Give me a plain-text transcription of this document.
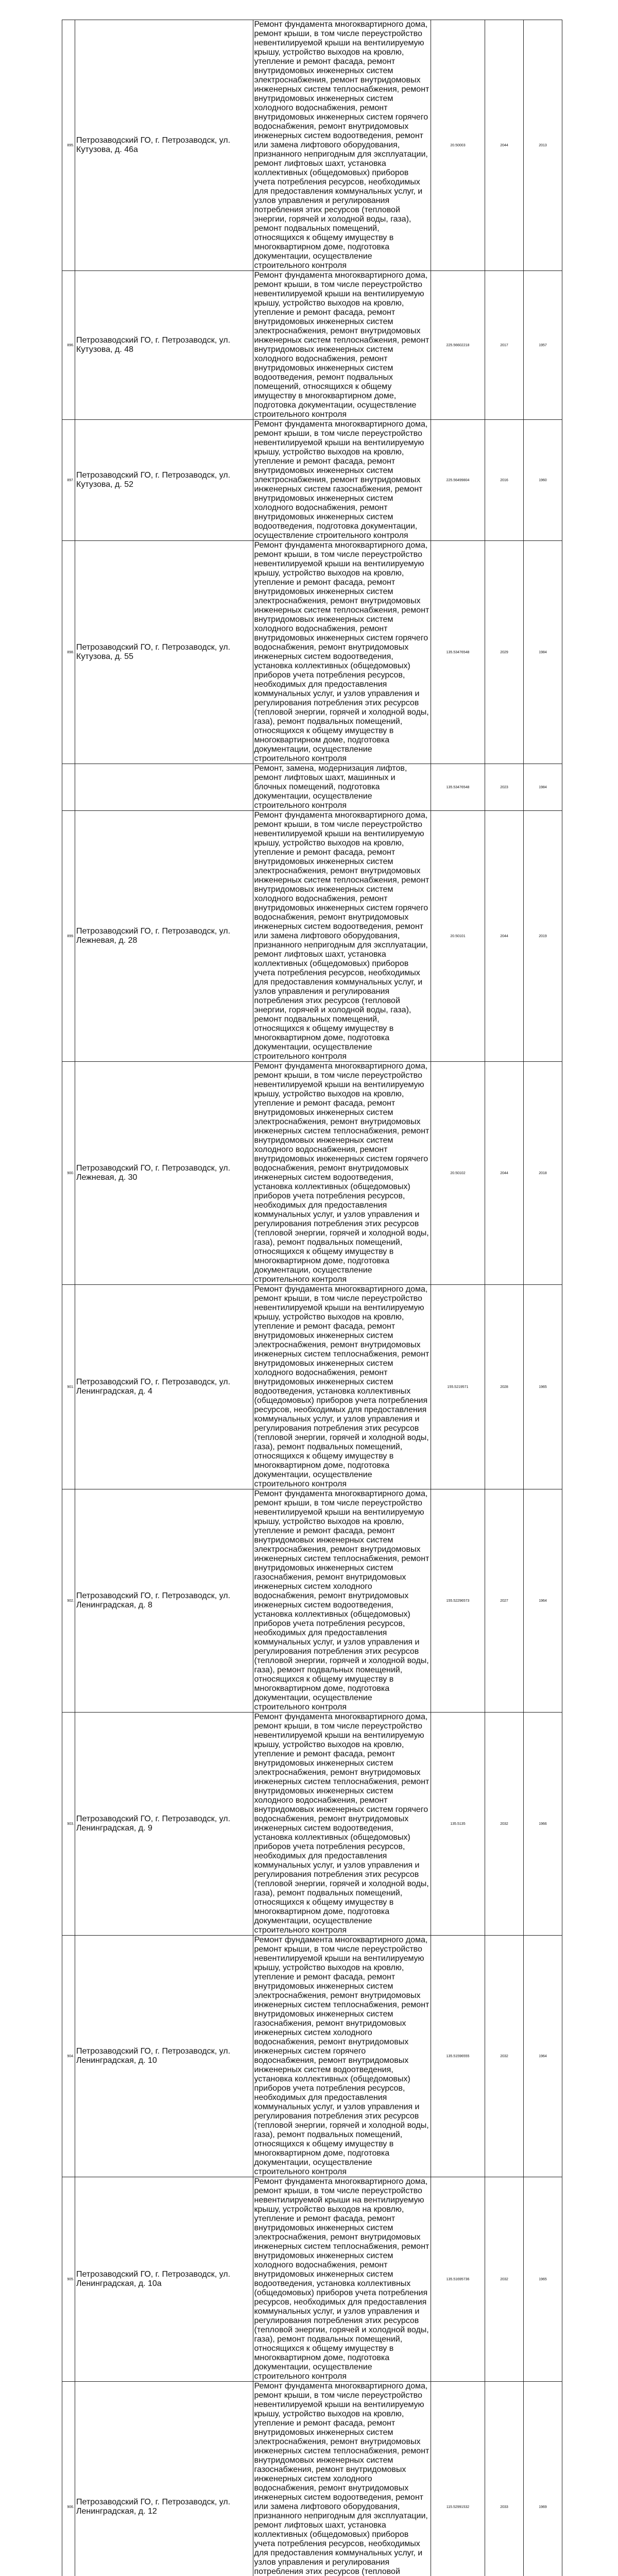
895.	Петрозаводский ГО, г. Петрозаводск, ул. Кутузова, д. 46а	Ремонт фундамента многоквартирного дома, ремонт крыши, в том числе переустройство невентилируемой крыши на вентилируемую крышу, устройство выходов на кровлю, утепление и ремонт фасада, ремонт внутридомовых инженерных систем электроснабжения, ремонт внутридомовых инженерных систем теплоснабжения, ремонт внутридомовых инженерных систем холодного водоснабжения, ремонт внутридомовых инженерных систем горячего водоснабжения, ремонт внутридомовых инженерных систем водоотведения, ремонт или замена лифтового оборудования, признанного непригодным для эксплуатации, ремонт лифтовых шахт, установка коллективных (общедомовых) приборов учета потребления ресурсов, необходимых для предоставления коммунальных услуг, и узлов управления и регулирования потребления этих ресурсов (тепловой энергии, горячей и холодной воды, газа), ремонт подвальных помещений, относящихся к общему имуществу в многоквартирном доме, подготовка документации, осуществление строительного контроля	20.50003	2044	2013
896.	Петрозаводский ГО, г. Петрозаводск, ул. Кутузова, д. 48	Ремонт фундамента многоквартирного дома, ремонт крыши, в том числе переустройство невентилируемой крыши на вентилируемую крышу, устройство выходов на кровлю, утепление и ремонт фасада, ремонт внутридомовых инженерных систем электроснабжения, ремонт внутридомовых инженерных систем теплоснабжения, ремонт внутридомовых инженерных систем холодного водоснабжения, ремонт внутридомовых инженерных систем водоотведения, ремонт подвальных помещений, относящихся к общему имуществу в многоквартирном доме, подготовка документации, осуществление строительного контроля	225.56602218	2017	1957
897.	Петрозаводский ГО, г. Петрозаводск, ул. Кутузова, д. 52	Ремонт фундамента многоквартирного дома, ремонт крыши, в том числе переустройство невентилируемой крыши на вентилируемую крышу, устройство выходов на кровлю, утепление и ремонт фасада, ремонт внутридомовых инженерных систем электроснабжения, ремонт внутридомовых инженерных систем газоснабжения, ремонт внутридомовых инженерных систем холодного водоснабжения, ремонт внутридомовых инженерных систем водоотведения, подготовка документации, осуществление строительного контроля	225.56499804	2016	1960
898.	Петрозаводский ГО, г. Петрозаводск, ул. Кутузова, д. 55	Ремонт фундамента многоквартирного дома, ремонт крыши, в том числе переустройство невентилируемой крыши на вентилируемую крышу, устройство выходов на кровлю, утепление и ремонт фасада, ремонт внутридомовых инженерных систем электроснабжения, ремонт внутридомовых инженерных систем теплоснабжения, ремонт внутридомовых инженерных систем холодного водоснабжения, ремонт внутридомовых инженерных систем горячего водоснабжения, ремонт внутридомовых инженерных систем водоотведения, установка коллективных (общедомовых) приборов учета потребления ресурсов, необходимых для предоставления коммунальных услуг, и узлов управления и регулирования потребления этих ресурсов (тепловой энергии, горячей и холодной воды, газа), ремонт подвальных помещений, относящихся к общему имуществу в многоквартирном доме, подготовка документации, осуществление строительного контроля	135.53476548	2029	1984
		Ремонт, замена, модернизация лифтов, ремонт лифтовых шахт, машинных и блочных помещений, подготовка документации, осуществление строительного контроля	135.53476548	2023	1984
899.	Петрозаводский ГО, г. Петрозаводск, ул. Лежневая, д. 28	Ремонт фундамента многоквартирного дома, ремонт крыши, в том числе переустройство невентилируемой крыши на вентилируемую крышу, устройство выходов на кровлю, утепление и ремонт фасада, ремонт внутридомовых инженерных систем электроснабжения, ремонт внутридомовых инженерных систем теплоснабжения, ремонт внутридомовых инженерных систем холодного водоснабжения, ремонт внутридомовых инженерных систем горячего водоснабжения, ремонт внутридомовых инженерных систем водоотведения, ремонт или замена лифтового оборудования, признанного непригодным для эксплуатации, ремонт лифтовых шахт, установка коллективных (общедомовых) приборов учета потребления ресурсов, необходимых для предоставления коммунальных услуг, и узлов управления и регулирования потребления этих ресурсов (тепловой энергии, горячей и холодной воды, газа), ремонт подвальных помещений, относящихся к общему имуществу в многоквартирном доме, подготовка документации, осуществление строительного контроля	20.50101	2044	2019
900.	Петрозаводский ГО, г. Петрозаводск, ул. Лежневая, д. 30	Ремонт фундамента многоквартирного дома, ремонт крыши, в том числе переустройство невентилируемой крыши на вентилируемую крышу, устройство выходов на кровлю, утепление и ремонт фасада, ремонт внутридомовых инженерных систем электроснабжения, ремонт внутридомовых инженерных систем теплоснабжения, ремонт внутридомовых инженерных систем холодного водоснабжения, ремонт внутридомовых инженерных систем горячего водоснабжения, ремонт внутридомовых инженерных систем водоотведения, установка коллективных (общедомовых) приборов учета потребления ресурсов, необходимых для предоставления коммунальных услуг, и узлов управления и регулирования потребления этих ресурсов (тепловой энергии, горячей и холодной воды, газа), ремонт подвальных помещений, относящихся к общему имуществу в многоквартирном доме, подготовка документации, осуществление строительного контроля	20.50102	2044	2018
901.	Петрозаводский ГО, г. Петрозаводск, ул. Ленинградская, д. 4	Ремонт фундамента многоквартирного дома, ремонт крыши, в том числе переустройство невентилируемой крыши на вентилируемую крышу, устройство выходов на кровлю, утепление и ремонт фасада, ремонт внутридомовых инженерных систем электроснабжения, ремонт внутридомовых инженерных систем теплоснабжения, ремонт внутридомовых инженерных систем холодного водоснабжения, ремонт внутридомовых инженерных систем водоотведения, установка коллективных (общедомовых) приборов учета потребления ресурсов, необходимых для предоставления коммунальных услуг, и узлов управления и регулирования потребления этих ресурсов (тепловой энергии, горячей и холодной воды, газа), ремонт подвальных помещений, относящихся к общему имуществу в многоквартирном доме, подготовка документации, осуществление строительного контроля	155.5219571	2028	1965
902.	Петрозаводский ГО, г. Петрозаводск, ул. Ленинградская, д. 8	Ремонт фундамента многоквартирного дома, ремонт крыши, в том числе переустройство невентилируемой крыши на вентилируемую крышу, устройство выходов на кровлю, утепление и ремонт фасада, ремонт внутридомовых инженерных систем электроснабжения, ремонт внутридомовых инженерных систем теплоснабжения, ремонт внутридомовых инженерных систем газоснабжения, ремонт внутридомовых инженерных систем холодного водоснабжения, ремонт внутридомовых инженерных систем водоотведения, установка коллективных (общедомовых) приборов учета потребления ресурсов, необходимых для предоставления коммунальных услуг, и узлов управления и регулирования потребления этих ресурсов (тепловой энергии, горячей и холодной воды, газа), ремонт подвальных помещений, относящихся к общему имуществу в многоквартирном доме, подготовка документации, осуществление строительного контроля	155.52296573	2027	1964
903.	Петрозаводский ГО, г. Петрозаводск, ул. Ленинградская, д. 9	Ремонт фундамента многоквартирного дома, ремонт крыши, в том числе переустройство невентилируемой крыши на вентилируемую крышу, устройство выходов на кровлю, утепление и ремонт фасада, ремонт внутридомовых инженерных систем электроснабжения, ремонт внутридомовых инженерных систем теплоснабжения, ремонт внутридомовых инженерных систем холодного водоснабжения, ремонт внутридомовых инженерных систем горячего водоснабжения, ремонт внутридомовых инженерных систем водоотведения, установка коллективных (общедомовых) приборов учета потребления ресурсов, необходимых для предоставления коммунальных услуг, и узлов управления и регулирования потребления этих ресурсов (тепловой энергии, горячей и холодной воды, газа), ремонт подвальных помещений, относящихся к общему имуществу в многоквартирном доме, подготовка документации, осуществление строительного контроля	135.5135	2032	1966
904.	Петрозаводский ГО, г. Петрозаводск, ул. Ленинградская, д. 10	Ремонт фундамента многоквартирного дома, ремонт крыши, в том числе переустройство невентилируемой крыши на вентилируемую крышу, устройство выходов на кровлю, утепление и ремонт фасада, ремонт внутридомовых инженерных систем электроснабжения, ремонт внутридомовых инженерных систем теплоснабжения, ремонт внутридомовых инженерных систем газоснабжения, ремонт внутридомовых инженерных систем холодного водоснабжения, ремонт внутридомовых инженерных систем горячего водоснабжения, ремонт внутридомовых инженерных систем водоотведения, установка коллективных (общедомовых) приборов учета потребления ресурсов, необходимых для предоставления коммунальных услуг, и узлов управления и регулирования потребления этих ресурсов (тепловой энергии, горячей и холодной воды, газа), ремонт подвальных помещений, относящихся к общему имуществу в многоквартирном доме, подготовка документации, осуществление строительного контроля	135.51596555	2032	1964
905.	Петрозаводский ГО, г. Петрозаводск, ул. Ленинградская, д. 10а	Ремонт фундамента многоквартирного дома, ремонт крыши, в том числе переустройство невентилируемой крыши на вентилируемую крышу, устройство выходов на кровлю, утепление и ремонт фасада, ремонт внутридомовых инженерных систем электроснабжения, ремонт внутридомовых инженерных систем теплоснабжения, ремонт внутридомовых инженерных систем холодного водоснабжения, ремонт внутридомовых инженерных систем водоотведения, установка коллективных (общедомовых) приборов учета потребления ресурсов, необходимых для предоставления коммунальных услуг, и узлов управления и регулирования потребления этих ресурсов (тепловой энергии, горячей и холодной воды, газа), ремонт подвальных помещений, относящихся к общему имуществу в многоквартирном доме, подготовка документации, осуществление строительного контроля	135.51695736	2032	1965
906.	Петрозаводский ГО, г. Петрозаводск, ул. Ленинградская, д. 12	Ремонт фундамента многоквартирного дома, ремонт крыши, в том числе переустройство невентилируемой крыши на вентилируемую крышу, устройство выходов на кровлю, утепление и ремонт фасада, ремонт внутридомовых инженерных систем электроснабжения, ремонт внутридомовых инженерных систем теплоснабжения, ремонт внутридомовых инженерных систем газоснабжения, ремонт внутридомовых инженерных систем холодного водоснабжения, ремонт внутридомовых инженерных систем водоотведения, ремонт или замена лифтового оборудования, признанного непригодным для эксплуатации, ремонт лифтовых шахт, установка коллективных (общедомовых) приборов учета потребления ресурсов, необходимых для предоставления коммунальных услуг, и узлов управления и регулирования потребления этих ресурсов (тепловой	115.52991532	2033	1969
